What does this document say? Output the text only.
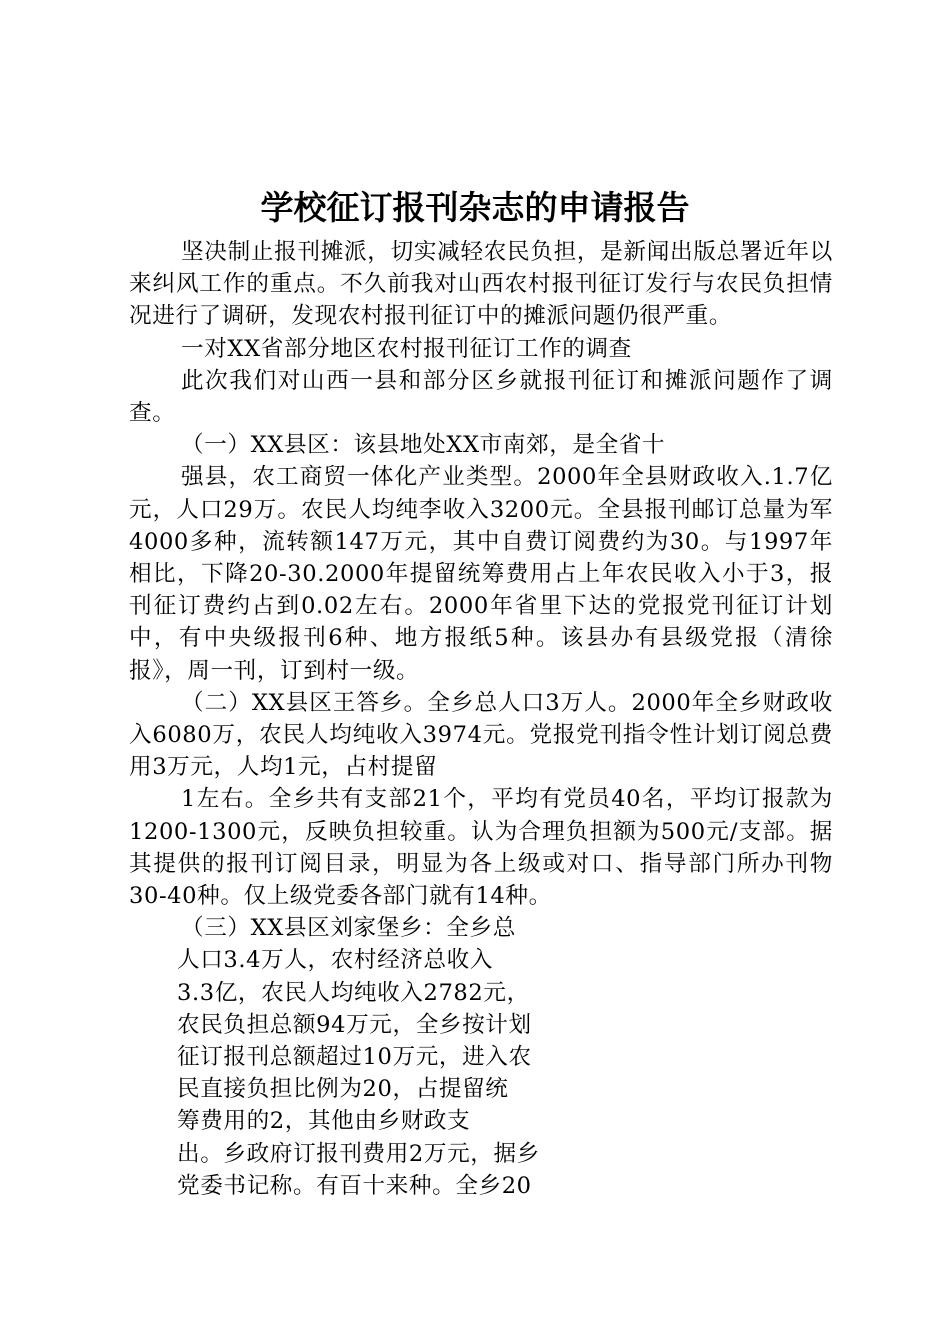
学校征订报刊杂志的申请报告

坚决制止报刊摊派，切实减轻农民负担，是新闻出版总署近年以来纠风工作的重点。不久前我对山西农村报刊征订发行与农民负担情况进行了调研，发现农村报刊征订中的摊派问题仍很严重。

一对XX省部分地区农村报刊征订工作的调查

此次我们对山西一县和部分区乡就报刊征订和摊派问题作了调查。

（一）XX县区：该县地处XX市南郊，是全省十

强县，农工商贸一体化产业类型。2000年全县财政收入.1.7亿元，人口29万。农民人均纯李收入3200元。全县报刊邮订总量为军4000多种，流转额147万元，其中自费订阅费约为30。与1997年相比，下降20-30.2000年提留统筹费用占上年农民收入小于3，报刊征订费约占到0.02左右。2000年省里下达的党报党刊征订计划中，有中央级报刊6种、地方报纸5种。该县办有县级党报（清徐报》，周一刊，订到村一级。

（二）XX县区王答乡。全乡总人口3万人。2000年全乡财政收入6080万，农民人均纯收入3974元。党报党刊指令性计划订阅总费用3万元，人均1元，占村提留

1左右。全乡共有支部21个，平均有党员40名，平均订报款为1200-1300元，反映负担较重。认为合理负担额为500元/支部。据其提供的报刊订阅目录，明显为各上级或对口、指导部门所办刊物30-40种。仅上级党委各部门就有14种。

（三）XX县区刘家堡乡：全乡总

人口3.4万人，农村经济总收入
3.3亿，农民人均纯收入2782元，
农民负担总额94万元，全乡按计划
征订报刊总额超过10万元，进入农
民直接负担比例为20，占提留统
筹费用的2，其他由乡财政支
出。乡政府订报刊费用2万元，据乡
党委书记称。有百十来种。全乡20
